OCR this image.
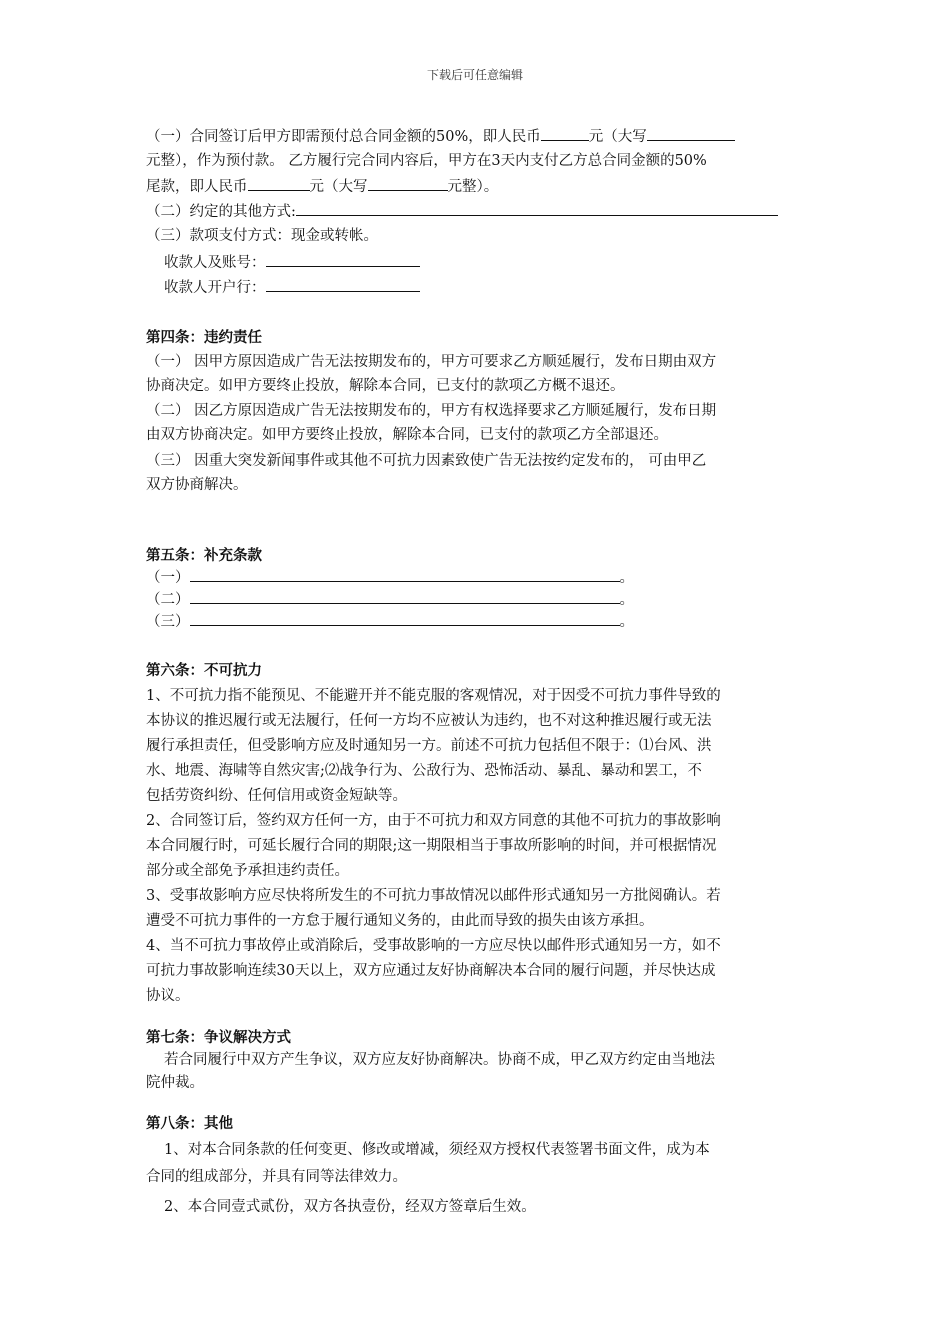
下载后可任意编辑
（一）合同签订后甲方即需预付总合同金额的50%，即人民币	元（大写
元整），作为预付款。 乙方履行完合同内容后，甲方在3天内支付乙方总合同金额的50%
尾款，即人民币	元（大写	元整）。
（二）约定的其他方式:
（三）款项支付方式：现金或转帐。
收款人及账号：
收款人开户行：
第四条：违约责任
（一） 因甲方原因造成广告无法按期发布的，甲方可要求乙方顺延履行，发布日期由双方
协商决定。如甲方要终止投放，解除本合同，已支付的款项乙方概不退还。
（二） 因乙方原因造成广告无法按期发布的，甲方有权选择要求乙方顺延履行，发布日期
由双方协商决定。如甲方要终止投放，解除本合同，已支付的款项乙方全部退还。
（三） 因重大突发新闻事件或其他不可抗力因素致使广告无法按约定发布的， 可由甲乙
双方协商解决。
第五条：补充条款
（一）	。
（二）	。
（三）	。
第六条：不可抗力
1、不可抗力指不能预见、不能避开并不能克服的客观情况，对于因受不可抗力事件导致的
本协议的推迟履行或无法履行，任何一方均不应被认为违约，也不对这种推迟履行或无法
履行承担责任，但受影响方应及时通知另一方。前述不可抗力包括但不限于：⑴台风、洪
水、地震、海啸等自然灾害;⑵战争行为、公敌行为、恐怖活动、暴乱、暴动和罢工，不
包括劳资纠纷、任何信用或资金短缺等。
2、合同签订后，签约双方任何一方，由于不可抗力和双方同意的其他不可抗力的事故影响
本合同履行时，可延长履行合同的期限;这一期限相当于事故所影响的时间，并可根据情况
部分或全部免予承担违约责任。
3、受事故影响方应尽快将所发生的不可抗力事故情况以邮件形式通知另一方批阅确认。若
遭受不可抗力事件的一方怠于履行通知义务的，由此而导致的损失由该方承担。
4、当不可抗力事故停止或消除后，受事故影响的一方应尽快以邮件形式通知另一方，如不
可抗力事故影响连续30天以上，双方应通过友好协商解决本合同的履行问题，并尽快达成
协议。
第七条：争议解决方式
若合同履行中双方产生争议，双方应友好协商解决。协商不成，甲乙双方约定由当地法
院仲裁。
第八条：其他
1、对本合同条款的任何变更、修改或增减，须经双方授权代表签署书面文件，成为本
合同的组成部分，并具有同等法律效力。
2、本合同壹式贰份，双方各执壹份，经双方签章后生效。
